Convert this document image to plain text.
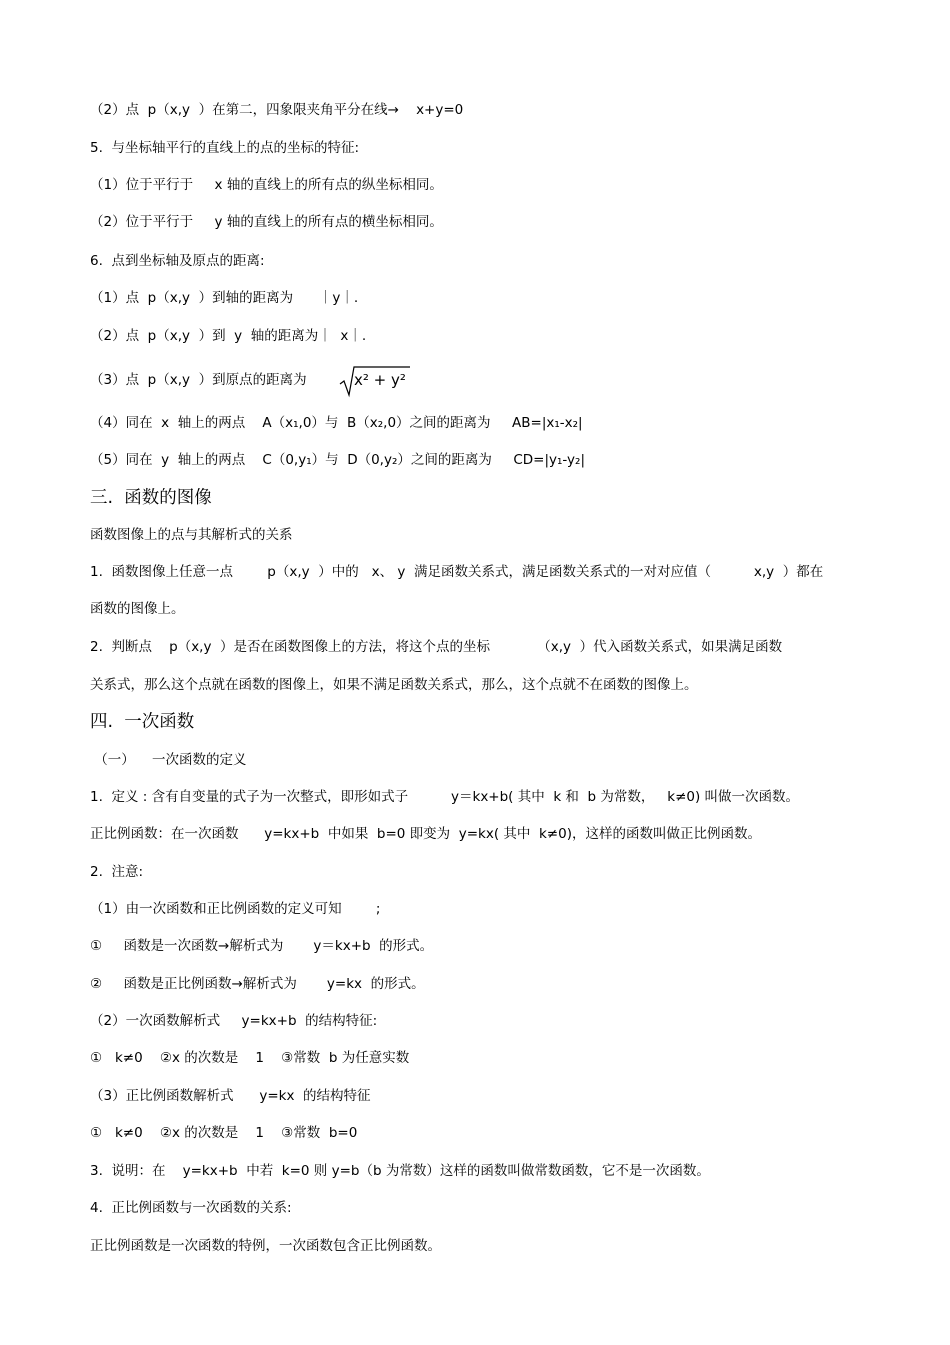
（2）点  p（x,y  ）在第二，四象限夹角平分在线→    x+y=0
5.  与坐标轴平行的直线上的点的坐标的特征:
（1）位于平行于     x 轴的直线上的所有点的纵坐标相同。
（2）位于平行于     y 轴的直线上的所有点的横坐标相同。
6.  点到坐标轴及原点的距离:
（1）点  p（x,y  ）到轴的距离为      ｜y｜.
（2）点  p（x,y  ）到  y  轴的距离为｜  x｜.
（3）点  p（x,y  ）到原点的距离为	x² + y²
（4）同在  x  轴上的两点    A（x₁,0）与  B（x₂,0）之间的距离为     AB=|x₁-x₂|
（5）同在  y  轴上的两点    C（0,y₁）与  D（0,y₂）之间的距离为     CD=|y₁-y₂|
三.  函数的图像
函数图像上的点与其解析式的关系
1.  函数图像上任意一点        p（x,y  ）中的   x、 y  满足函数关系式，满足函数关系式的一对对应值（          x,y  ）都在
函数的图像上。
2.  判断点    p（x,y  ）是否在函数图像上的方法，将这个点的坐标           （x,y  ）代入函数关系式，如果满足函数
关系式，那么这个点就在函数的图像上，如果不满足函数关系式，那么，这个点就不在函数的图像上。
四.  一次函数
（一）    一次函数的定义
1.  定义 : 含有自变量的式子为一次整式，即形如式子          y＝kx+b( 其中  k 和  b 为常数，   k≠0) 叫做一次函数。
正比例函数：在一次函数      y=kx+b  中如果  b=0 即变为  y=kx( 其中  k≠0)，这样的函数叫做正比例函数。
2.  注意:
（1）由一次函数和正比例函数的定义可知        ;
①     函数是一次函数→解析式为       y＝kx+b  的形式。
②     函数是正比例函数→解析式为       y=kx  的形式。
（2）一次函数解析式     y=kx+b  的结构特征:
①   k≠0    ②x 的次数是    1    ③常数  b 为任意实数
（3）正比例函数解析式      y=kx  的结构特征
①   k≠0    ②x 的次数是    1    ③常数  b=0
3.  说明：在    y=kx+b  中若  k=0 则 y=b（b 为常数）这样的函数叫做常数函数，它不是一次函数。
4.  正比例函数与一次函数的关系:
正比例函数是一次函数的特例，一次函数包含正比例函数。
